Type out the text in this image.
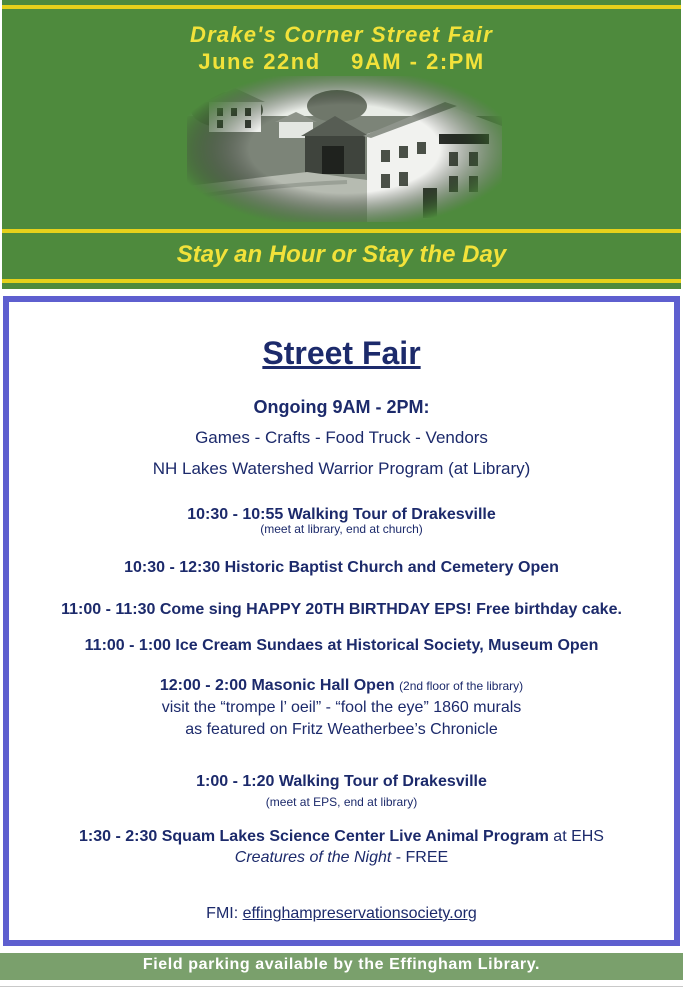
Drake's Corner Street Fair
June 22nd    9AM - 2:PM
Stay an Hour or Stay the Day
Street Fair
Ongoing 9AM - 2PM:
Games - Crafts - Food Truck - Vendors
NH Lakes Watershed Warrior Program (at Library)
10:30 - 10:55 Walking Tour of Drakesville
(meet at library, end at church)
10:30 - 12:30 Historic Baptist Church and Cemetery Open
11:00 - 11:30 Come sing HAPPY 20TH BIRTHDAY EPS! Free birthday cake.
11:00 - 1:00 Ice Cream Sundaes at Historical Society, Museum Open
12:00 - 2:00 Masonic Hall Open (2nd floor of the library)
visit the “trompe l’ oeil” - “fool the eye” 1860 murals
as featured on Fritz Weatherbee’s Chronicle
1:00 - 1:20 Walking Tour of Drakesville
(meet at EPS, end at library)
1:30 - 2:30 Squam Lakes Science Center Live Animal Program at EHS
Creatures of the Night - FREE
FMI: effinghampreservationsociety.org
Field parking available by the Effingham Library.
